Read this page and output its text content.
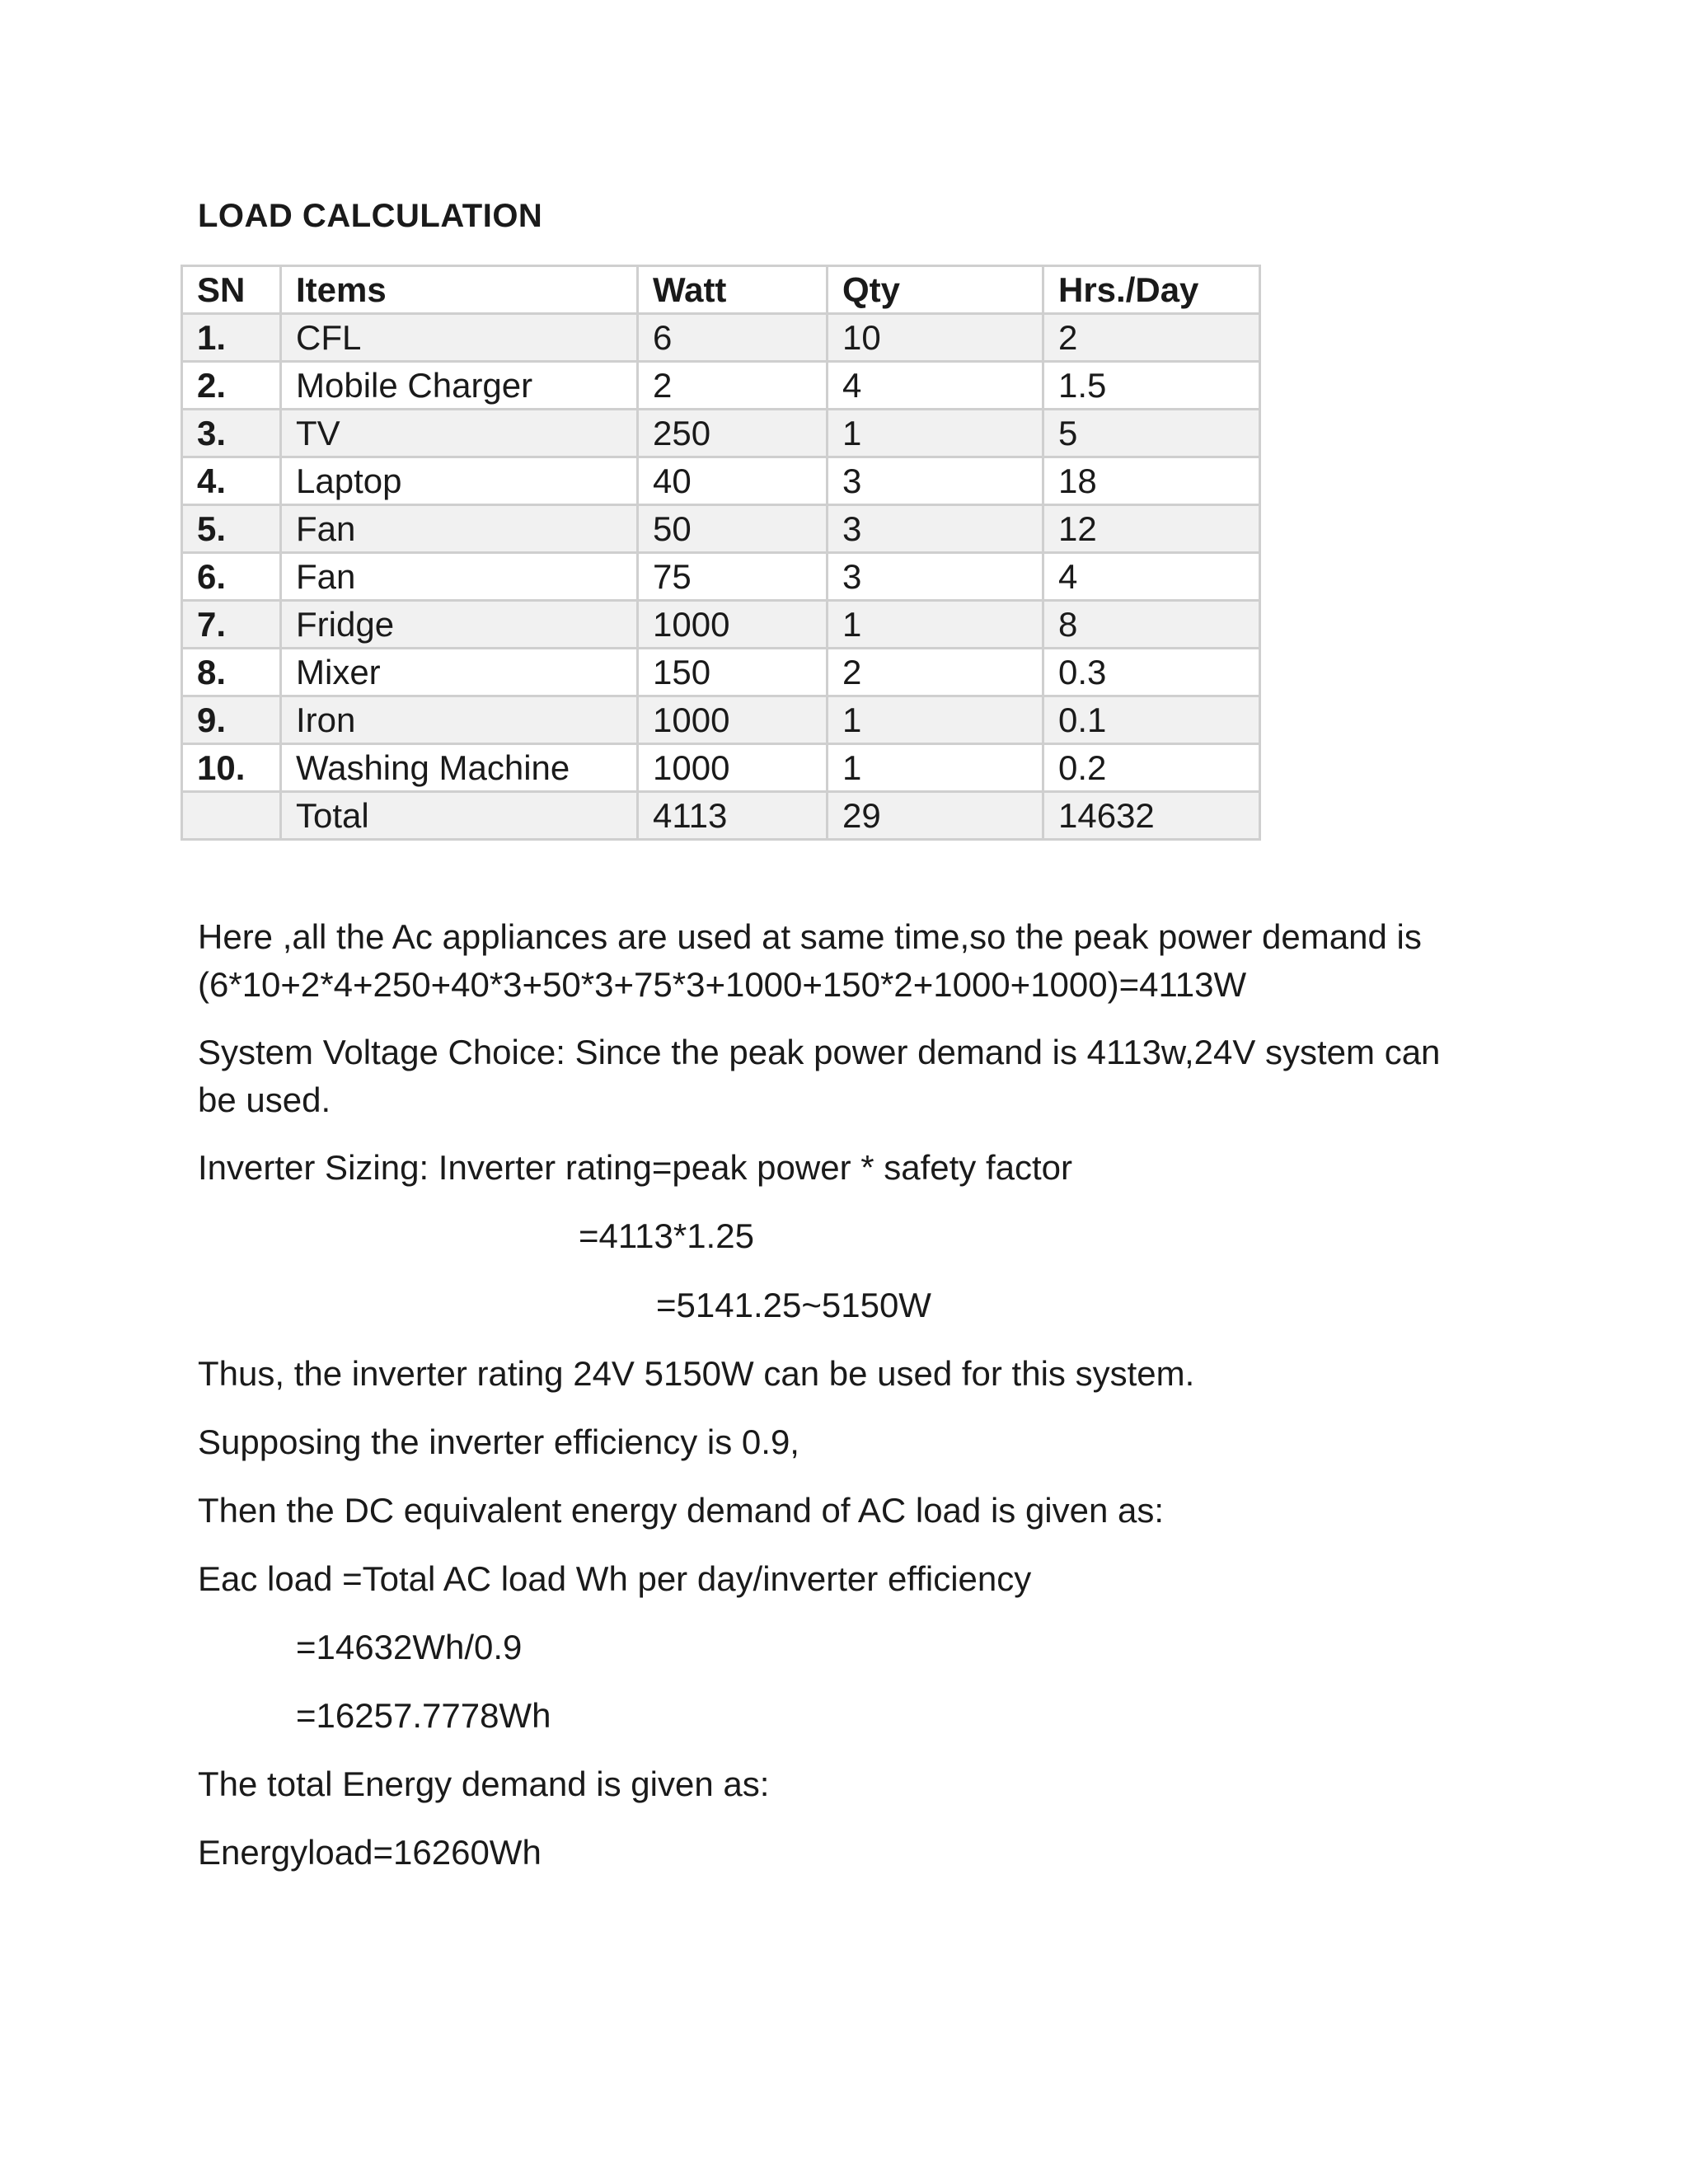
LOAD CALCULATION
SN	Items	Watt	Qty	Hrs./Day
1.	CFL	6	10	2
2.	Mobile Charger	2	4	1.5
3.	TV	250	1	5
4.	Laptop	40	3	18
5.	Fan	50	3	12
6.	Fan	75	3	4
7.	Fridge	1000	1	8
8.	Mixer	150	2	0.3
9.	Iron	1000	1	0.1
10.	Washing Machine	1000	1	0.2
	Total	4113	29	14632

Here ,all the Ac appliances are used at same time,so the peak power demand is

(6*10+2*4+250+40*3+50*3+75*3+1000+150*2+1000+1000)=4113W

System Voltage Choice: Since the peak power demand is 4113w,24V system can

be used.

Inverter Sizing: Inverter rating=peak power * safety factor

=4113*1.25

=5141.25~5150W

Thus, the inverter rating 24V 5150W can be used for this system.

Supposing the inverter efficiency is 0.9,

Then the DC equivalent energy demand of AC load is given as:

Eac load =Total AC load Wh per day/inverter efficiency

=14632Wh/0.9

=16257.7778Wh

The total Energy demand is given as:

Energyload=16260Wh
